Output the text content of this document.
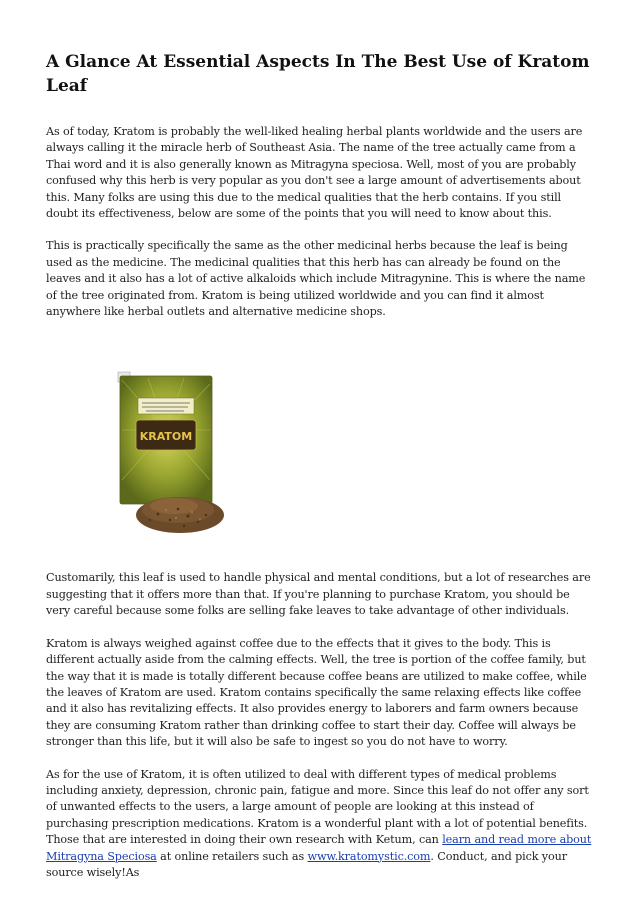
A Glance At Essential Aspects In The Best Use of Kratom Leaf

As of today, Kratom is probably the well-liked healing herbal plants worldwide and the users are always calling it the miracle herb of Southeast Asia. The name of the tree actually came from a Thai word and it is also generally known as Mitragyna speciosa. Well, most of you are probably confused why this herb is very popular as you don't see a large amount of advertisements about this. Many folks are using this due to the medical qualities that the herb contains. If you still doubt its effectiveness, below are some of the points that you will need to know about this.

This is practically specifically the same as the other medicinal herbs because the leaf is being used as the medicine. The medicinal qualities that this herb has can already be found on the leaves and it also has a lot of active alkaloids which include Mitragynine. This is where the name of the tree originated from. Kratom is being utilized worldwide and you can find it almost anywhere like herbal outlets and alternative medicine shops.

KRATOM

Customarily, this leaf is used to handle physical and mental conditions, but a lot of researches are suggesting that it offers more than that. If you're planning to purchase Kratom, you should be very careful because some folks are selling fake leaves to take advantage of other individuals.

Kratom is always weighed against coffee due to the effects that it gives to the body. This is different actually aside from the calming effects. Well, the tree is portion of the coffee family, but the way that it is made is totally different because coffee beans are utilized to make coffee, while the leaves of Kratom are used. Kratom contains specifically the same relaxing effects like coffee and it also has revitalizing effects. It also provides energy to laborers and farm owners because they are consuming Kratom rather than drinking coffee to start their day. Coffee will always be stronger than this life, but it will also be safe to ingest so you do not have to worry.

As for the use of Kratom, it is often utilized to deal with different types of medical problems including anxiety, depression, chronic pain, fatigue and more. Since this leaf do not offer any sort of unwanted effects to the users, a large amount of people are looking at this instead of purchasing prescription medications. Kratom is a wonderful plant with a lot of potential benefits. Those that are interested in doing their own research with Ketum, can learn and read more about Mitragyna Speciosa at online retailers such as www.kratomystic.com. Conduct, and pick your source wisely!As
